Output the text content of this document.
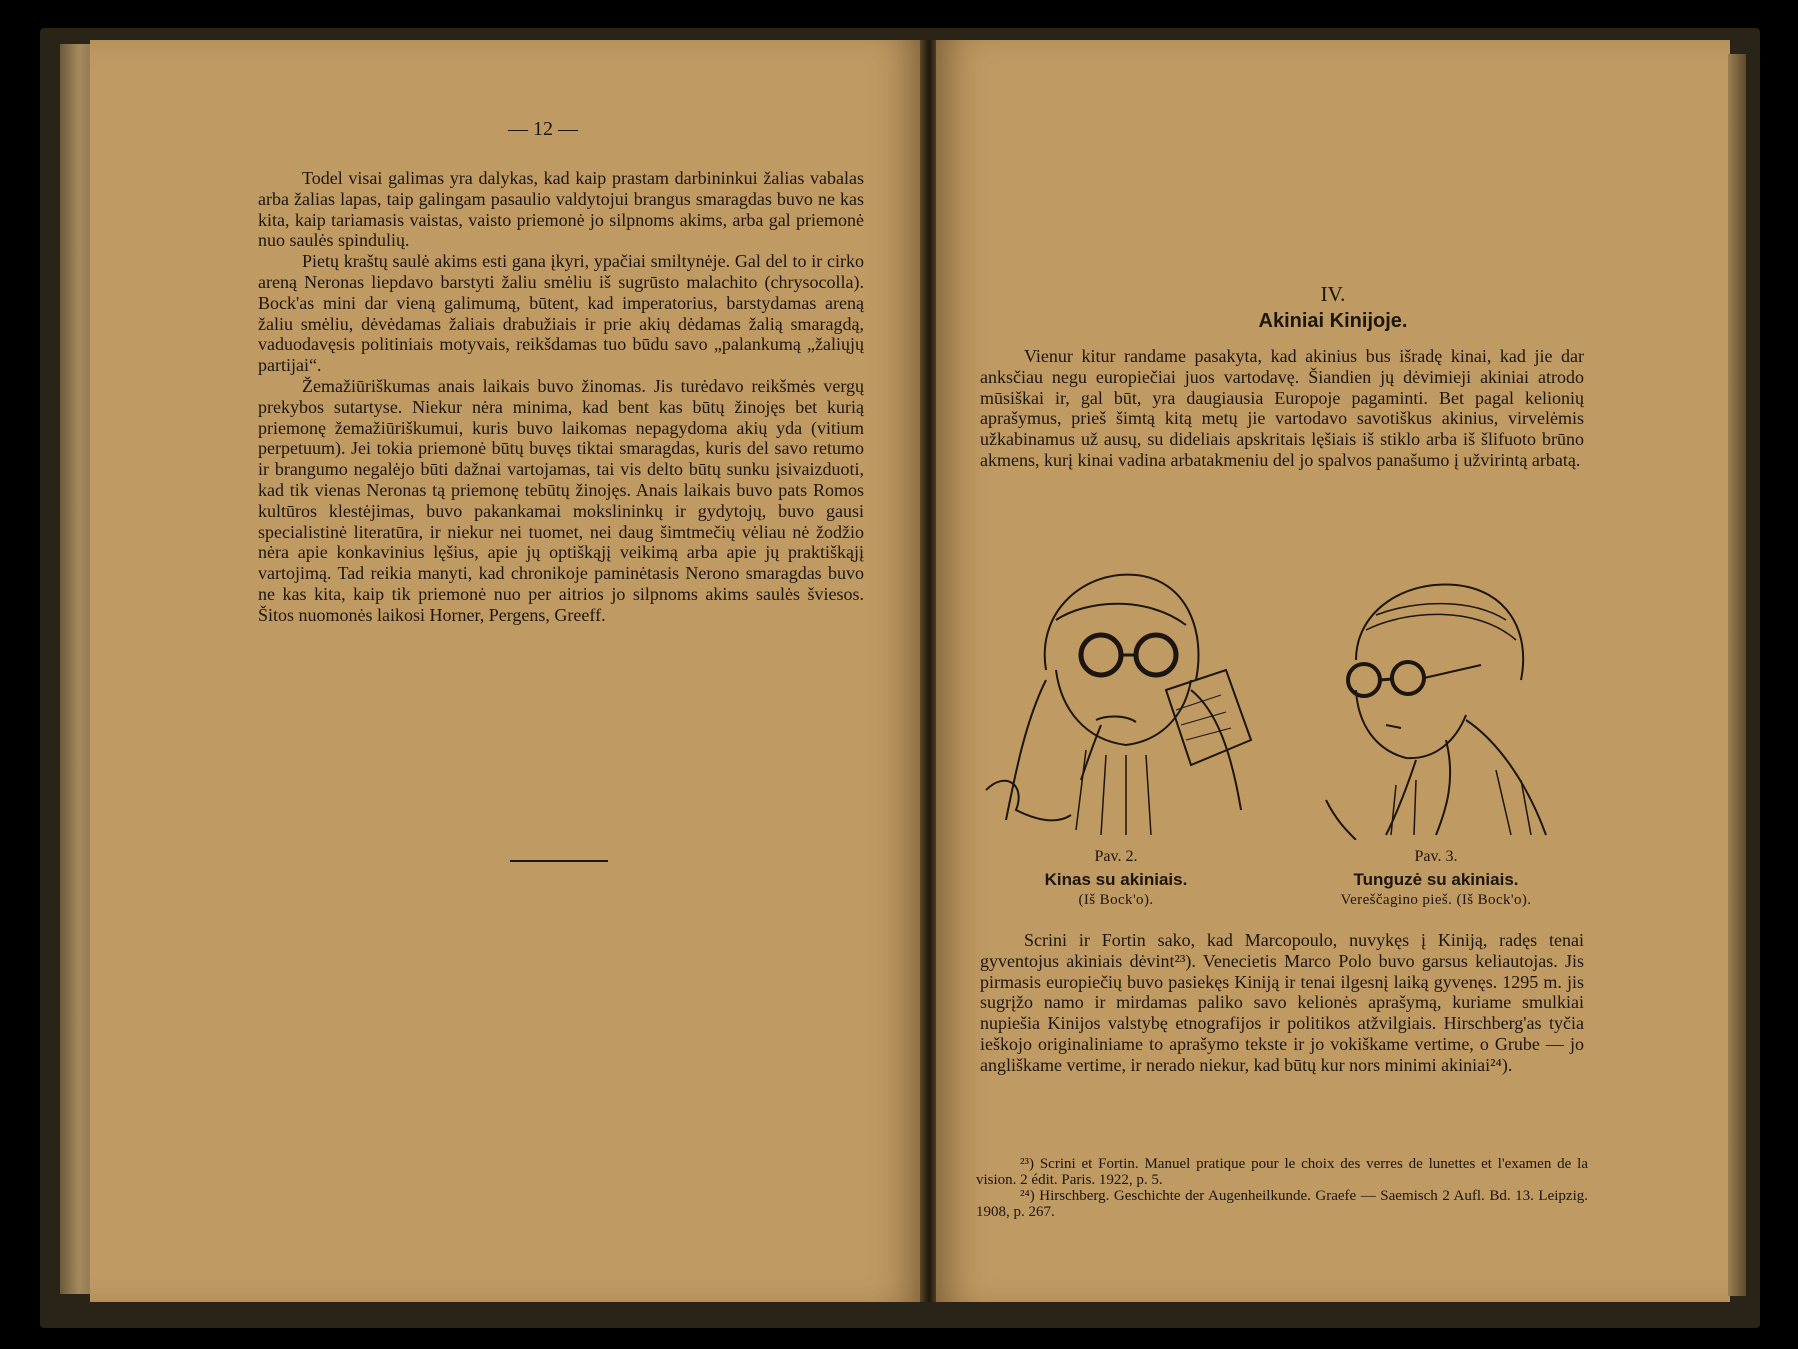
— 12 —

Todel visai galimas yra dalykas, kad kaip prastam darbininkui žalias vabalas arba žalias lapas, taip galingam pasaulio valdytojui brangus smaragdas buvo ne kas kita, kaip tariamasis vaistas, vaisto priemonė jo silpnoms akims, arba gal priemonė nuo saulės spindulių.

Pietų kraštų saulė akims esti gana įkyri, ypačiai smiltynėje. Gal del to ir cirko areną Neronas liepdavo barstyti žaliu smėliu iš sugrūsto malachito (chrysocolla). Bock'as mini dar vieną galimumą, būtent, kad imperatorius, barstydamas areną žaliu smėliu, dėvėdamas žaliais drabužiais ir prie akių dėdamas žalią smaragdą, vaduodavęsis politiniais motyvais, reikšdamas tuo būdu savo „palankumą „žaliųjų partijai“.

Žemažiūriškumas anais laikais buvo žinomas. Jis turėdavo reikšmės vergų prekybos sutartyse. Niekur nėra minima, kad bent kas būtų žinojęs bet kurią priemonę žemažiūriškumui, kuris buvo laikomas nepagydoma akių yda (vitium perpetuum). Jei tokia priemonė būtų buvęs tiktai smaragdas, kuris del savo retumo ir brangumo negalėjo būti dažnai vartojamas, tai vis delto būtų sunku įsivaizduoti, kad tik vienas Neronas tą priemonę tebūtų žinojęs. Anais laikais buvo pats Romos kultūros klestėjimas, buvo pakankamai mokslininkų ir gydytojų, buvo gausi specialistinė literatūra, ir niekur nei tuomet, nei daug šimtmečių vėliau nė žodžio nėra apie konkavinius lęšius, apie jų optiškąjį veikimą arba apie jų praktiškąjį vartojimą. Tad reikia manyti, kad chronikoje paminėtasis Nerono smaragdas buvo ne kas kita, kaip tik priemonė nuo per aitrios jo silpnoms akims saulės šviesos. Šitos nuomonės laikosi Horner, Pergens, Greeff.

IV.
Akiniai Kinijoje.

Vienur kitur randame pasakyta, kad akinius bus išradę kinai, kad jie dar anksčiau negu europiečiai juos vartodavę. Šiandien jų dėvimieji akiniai atrodo mūsiškai ir, gal būt, yra daugiausia Europoje pagaminti. Bet pagal kelionių aprašymus, prieš šimtą kitą metų jie vartodavo savotiškus akinius, virvelėmis užkabinamus už ausų, su dideliais apskritais lęšiais iš stiklo arba iš šlifuoto brūno akmens, kurį kinai vadina arbatakmeniu del jo spalvos panašumo į užvirintą arbatą.

Pav. 2.
Kinas su akiniais.
(Iš Bock'o).
Pav. 3.
Tunguzė su akiniais.
Vereščagino pieš. (Iš Bock'o).

Scrini ir Fortin sako, kad Marcopoulo, nuvykęs į Kiniją, radęs tenai gyventojus akiniais dėvint²³). Venecietis Marco Polo buvo garsus keliautojas. Jis pirmasis europiečių buvo pasiekęs Kiniją ir tenai ilgesnį laiką gyvenęs. 1295 m. jis sugrįžo namo ir mirdamas paliko savo kelionės aprašymą, kuriame smulkiai nupiešia Kinijos valstybę etnografijos ir politikos atžvilgiais. Hirschberg'as tyčia ieškojo originaliniame to aprašymo tekste ir jo vokiškame vertime, o Grube — jo angliškame vertime, ir nerado niekur, kad būtų kur nors minimi akiniai²⁴).

²³) Scrini et Fortin. Manuel pratique pour le choix des verres de lunettes et l'examen de la vision. 2 édit. Paris. 1922, p. 5.

²⁴) Hirschberg. Geschichte der Augenheilkunde. Graefe — Saemisch 2 Aufl. Bd. 13. Leipzig. 1908, p. 267.
